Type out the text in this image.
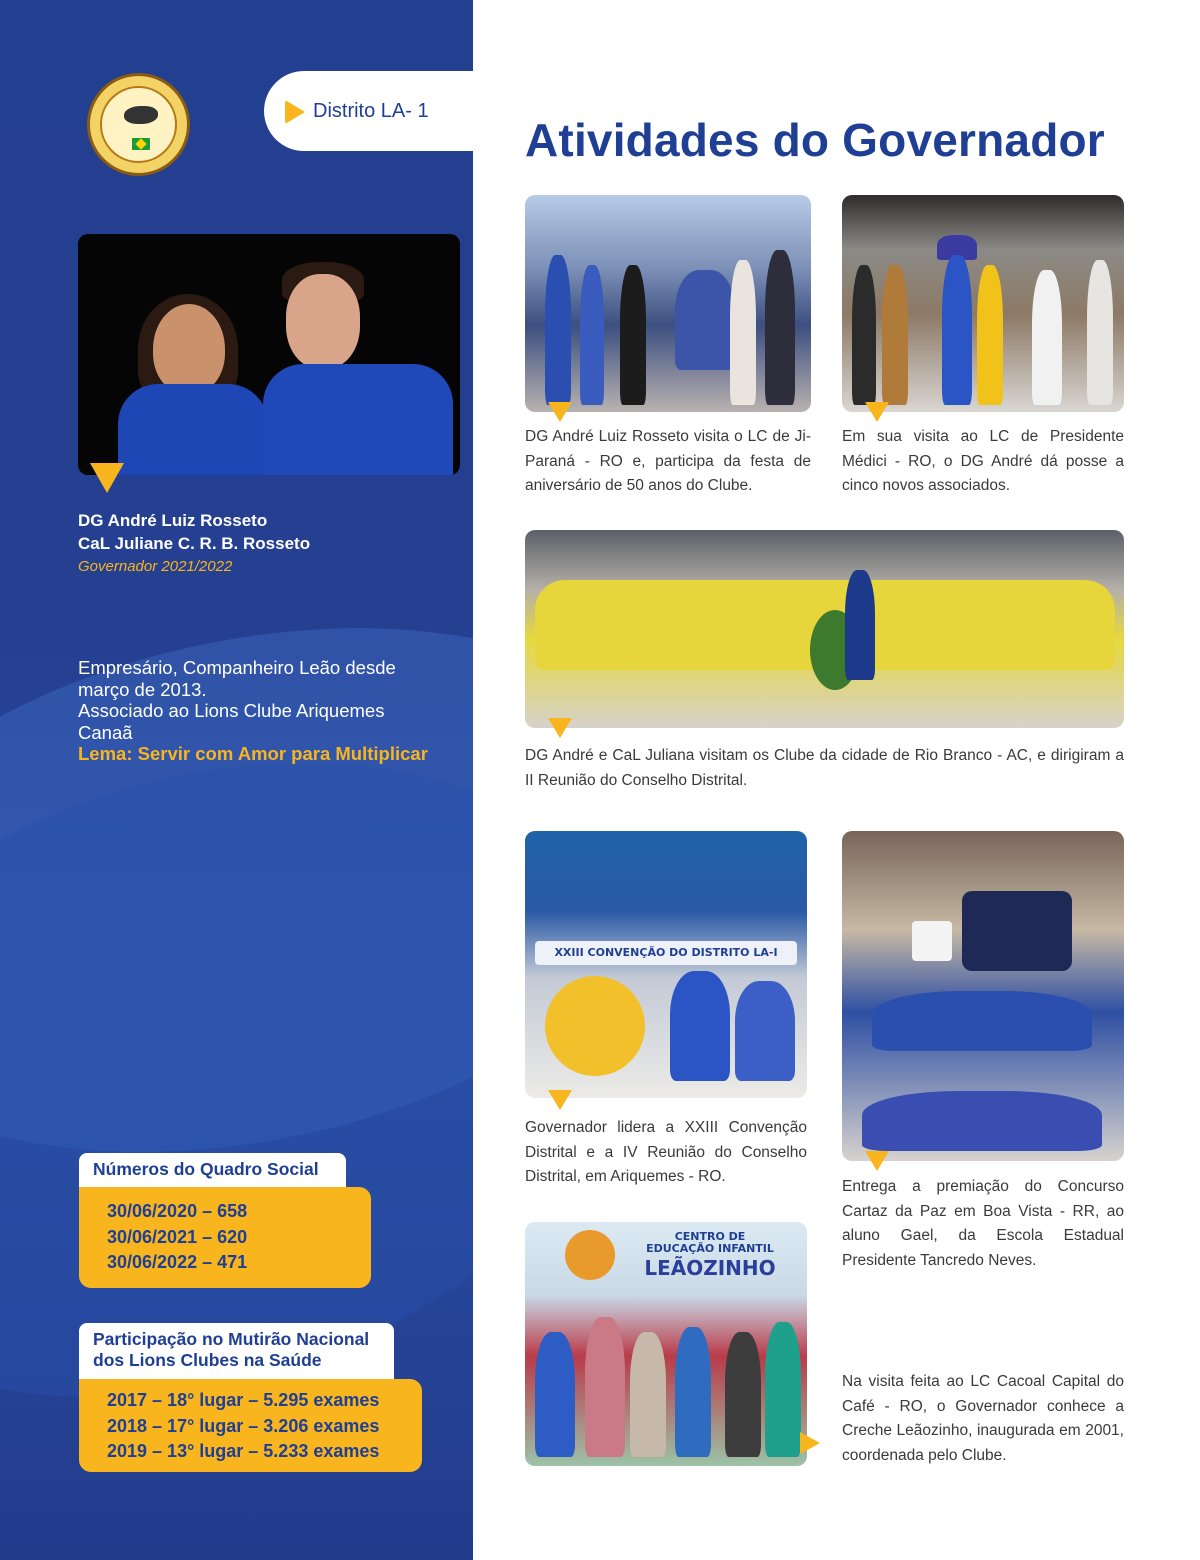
DG André Luiz Rosseto
CaL Juliane C. R. B. Rosseto
Governador 2021/2022
Empresário, Companheiro Leão desde março de 2013.
Associado ao Lions Clube Ariquemes Canaã
Lema: Servir com Amor para Multiplicar
Números do Quadro Social
30/06/2020 – 658
30/06/2021 – 620
30/06/2022 – 471
Participação no Mutirão Nacional dos Lions Clubes na Saúde
2017 – 18° lugar – 5.295 exames
2018 – 17° lugar – 3.206 exames
2019 – 13° lugar – 5.233 exames
Distrito LA- 1
Atividades do Governador
DG André Luiz Rosseto visita o LC de Ji-Paraná - RO e, participa da festa de aniversário de 50 anos do Clube.
Em sua visita ao LC de Presidente Médici - RO, o DG André dá posse a cinco novos associados.
DG André e CaL Juliana visitam os Clube da cidade de Rio Branco - AC, e dirigiram a II Reunião do Conselho Distrital.
XXIII CONVENÇÃO DO DISTRITO LA-I
Governador lidera a XXIII Convenção Distrital e a IV Reunião do Conselho Distrital, em Ariquemes - RO.
Entrega a premiação do Concurso Cartaz da Paz em Boa Vista - RR, ao aluno Gael, da Escola Estadual Presidente Tancredo Neves.
CENTRO DE
EDUCAÇÃO INFANTIL
LEÃOZINHO
Na visita feita ao LC Cacoal Capital do Café - RO, o Governador conhece a Creche Leãozinho, inaugurada em 2001, coordenada pelo Clube.
